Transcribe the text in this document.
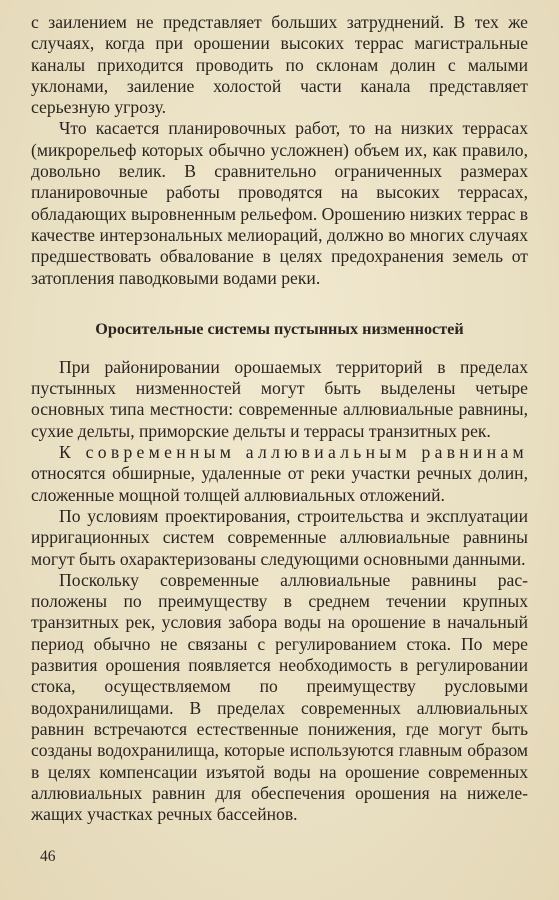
с заилением не представляет больших затруднений. В тех же случаях, когда при орошении высоких террас магистральные каналы приходится проводить по склонам долин с малыми уклонами, заиление холостой части канала представляет серьезную угрозу.

Что касается планировочных работ, то на низких террасах (микрорельеф которых обычно усложнен) объем их, как правило, довольно велик. В сравнительно ограниченных размерах планировочные работы проводятся на высоких террасах, обладающих выровненным рельефом. Орошению низких террас в качестве интерзональных мелиораций, должно во многих случаях предшествовать обвалование в целях предохранения земель от затопления паводковыми водами реки.

Оросительные системы пустынных низменностей

При районировании орошаемых территорий в пределах пустынных низменностей могут быть выделены четыре основных типа местности: современные аллювиальные равнины, сухие дельты, приморские дельты и террасы транзитных рек.

К современным аллювиальным равнинам относятся обширные, удаленные от реки участки речных долин, сложенные мощной толщей аллювиальных отложений.

По условиям проектирования, строительства и эксплуатации ирригационных систем современные аллювиальные равнины могут быть охарактеризованы следующими основными данными.

Поскольку современные аллювиальные равнины расположены по преимуществу в среднем течении крупных транзитных рек, условия забора воды на орошение в начальный период обычно не связаны с регулированием стока. По мере развития орошения появляется необходимость в регулировании стока, осуществляемом по преимуществу русловыми водохранилищами. В пределах современных аллювиальных равнин встречаются естественные понижения, где могут быть созданы водохранилища, которые используются главным образом в целях компенсации изъятой воды на орошение современных аллювиальных равнин для обеспечения орошения на нижележащих участках речных бассейнов.

46
